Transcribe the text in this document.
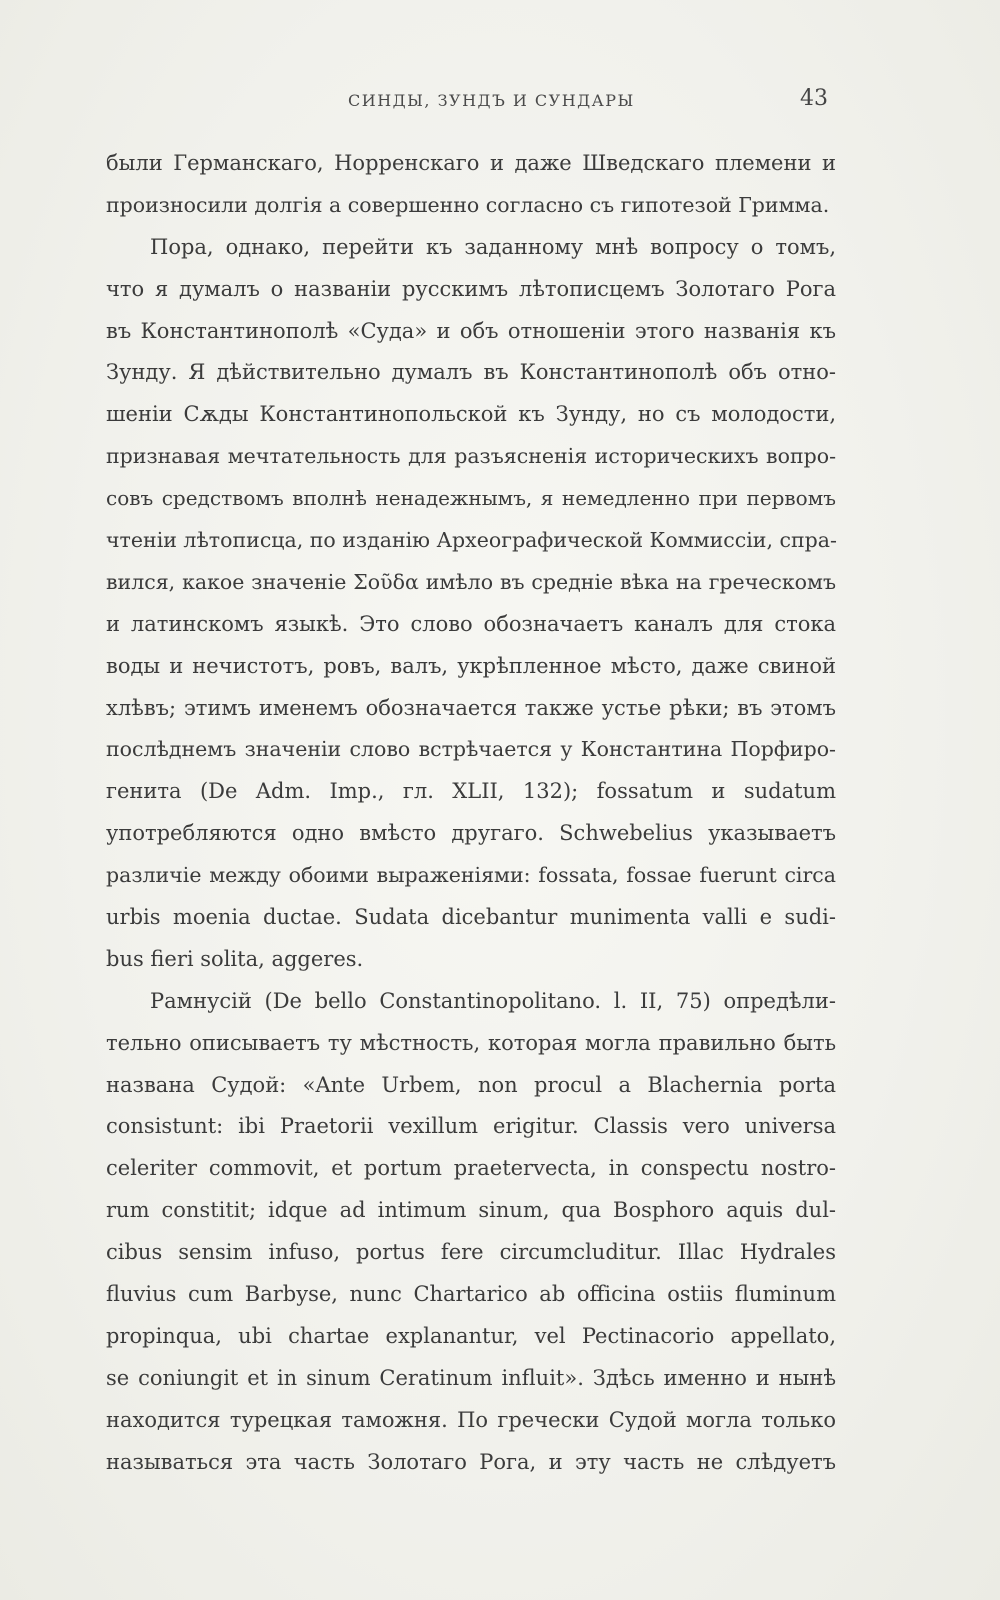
СИНДЫ, ЗУНДЪ И СУНДАРЫ	43
были Германскаго, Норренскаго и даже Шведскаго племени и
произносили долгія a совершенно согласно съ гипотезой Гримма.
Пора, однако, перейти къ заданному мнѣ вопросу о томъ,
что я думалъ о названіи русскимъ лѣтописцемъ Золотаго Рога
въ Константинополѣ «Суда» и объ отношеніи этого названія къ
Зунду. Я дѣйствительно думалъ въ Константинополѣ объ отно-
шеніи Сѫды Константинопольской къ Зунду, но съ молодости,
признавая мечтательность для разъясненія историческихъ вопро-
совъ средствомъ вполнѣ ненадежнымъ, я немедленно при первомъ
чтеніи лѣтописца, по изданію Археографической Коммиссіи, спра-
вился, какое значеніе Σοῦδα имѣло въ средніе вѣка на греческомъ
и латинскомъ языкѣ. Это слово обозначаетъ каналъ для стока
воды и нечистотъ, ровъ, валъ, укрѣпленное мѣсто, даже свиной
хлѣвъ; этимъ именемъ обозначается также устье рѣки; въ этомъ
послѣднемъ значеніи слово встрѣчается у Константина Порфиро-
генита (De Adm. Imp., гл. XLII, 132); fossatum и sudatum
употребляются одно вмѣсто другаго. Schwebelius указываетъ
различіе между обоими выраженіями: fossata, fossae fuerunt circa
urbis moenia ductae. Sudata dicebantur munimenta valli e sudi-
bus fieri solita, aggeres.
Рамнусій (De bello Constantinopolitano. l. II, 75) опредѣли-
тельно описываетъ ту мѣстность, которая могла правильно быть
названа Судой: «Ante Urbem, non procul a Blachernia porta
consistunt: ibi Praetorii vexillum erigitur. Classis vero universa
celeriter commovit, et portum praetervecta, in conspectu nostro-
rum constitit; idque ad intimum sinum, qua Bosphoro aquis dul-
cibus sensim infuso, portus fere circumcluditur. Illac Hydrales
fluvius cum Barbyse, nunc Chartarico ab officina ostiis fluminum
propinqua, ubi chartae explanantur, vel Pectinacorio appellato,
se coniungit et in sinum Ceratinum influit». Здѣсь именно и нынѣ
находится турецкая таможня. По гречески Судой могла только
называться эта часть Золотаго Рога, и эту часть не слѣдуетъ
